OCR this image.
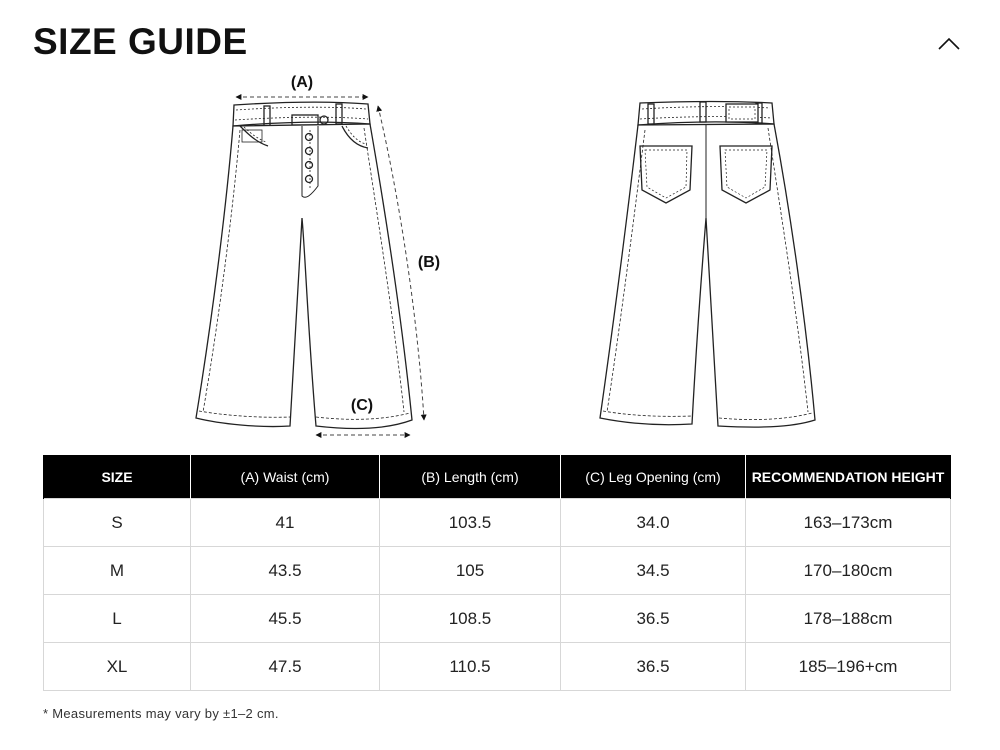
SIZE GUIDE
(A)
(B)
(C)
SIZE	(A) Waist (cm)	(B) Length (cm)	(C) Leg Opening (cm)	RECOMMENDATION HEIGHT
S	41	103.5	34.0	163–173cm
M	43.5	105	34.5	170–180cm
L	45.5	108.5	36.5	178–188cm
XL	47.5	110.5	36.5	185–196+cm
* Measurements may vary by ±1–2 cm.
